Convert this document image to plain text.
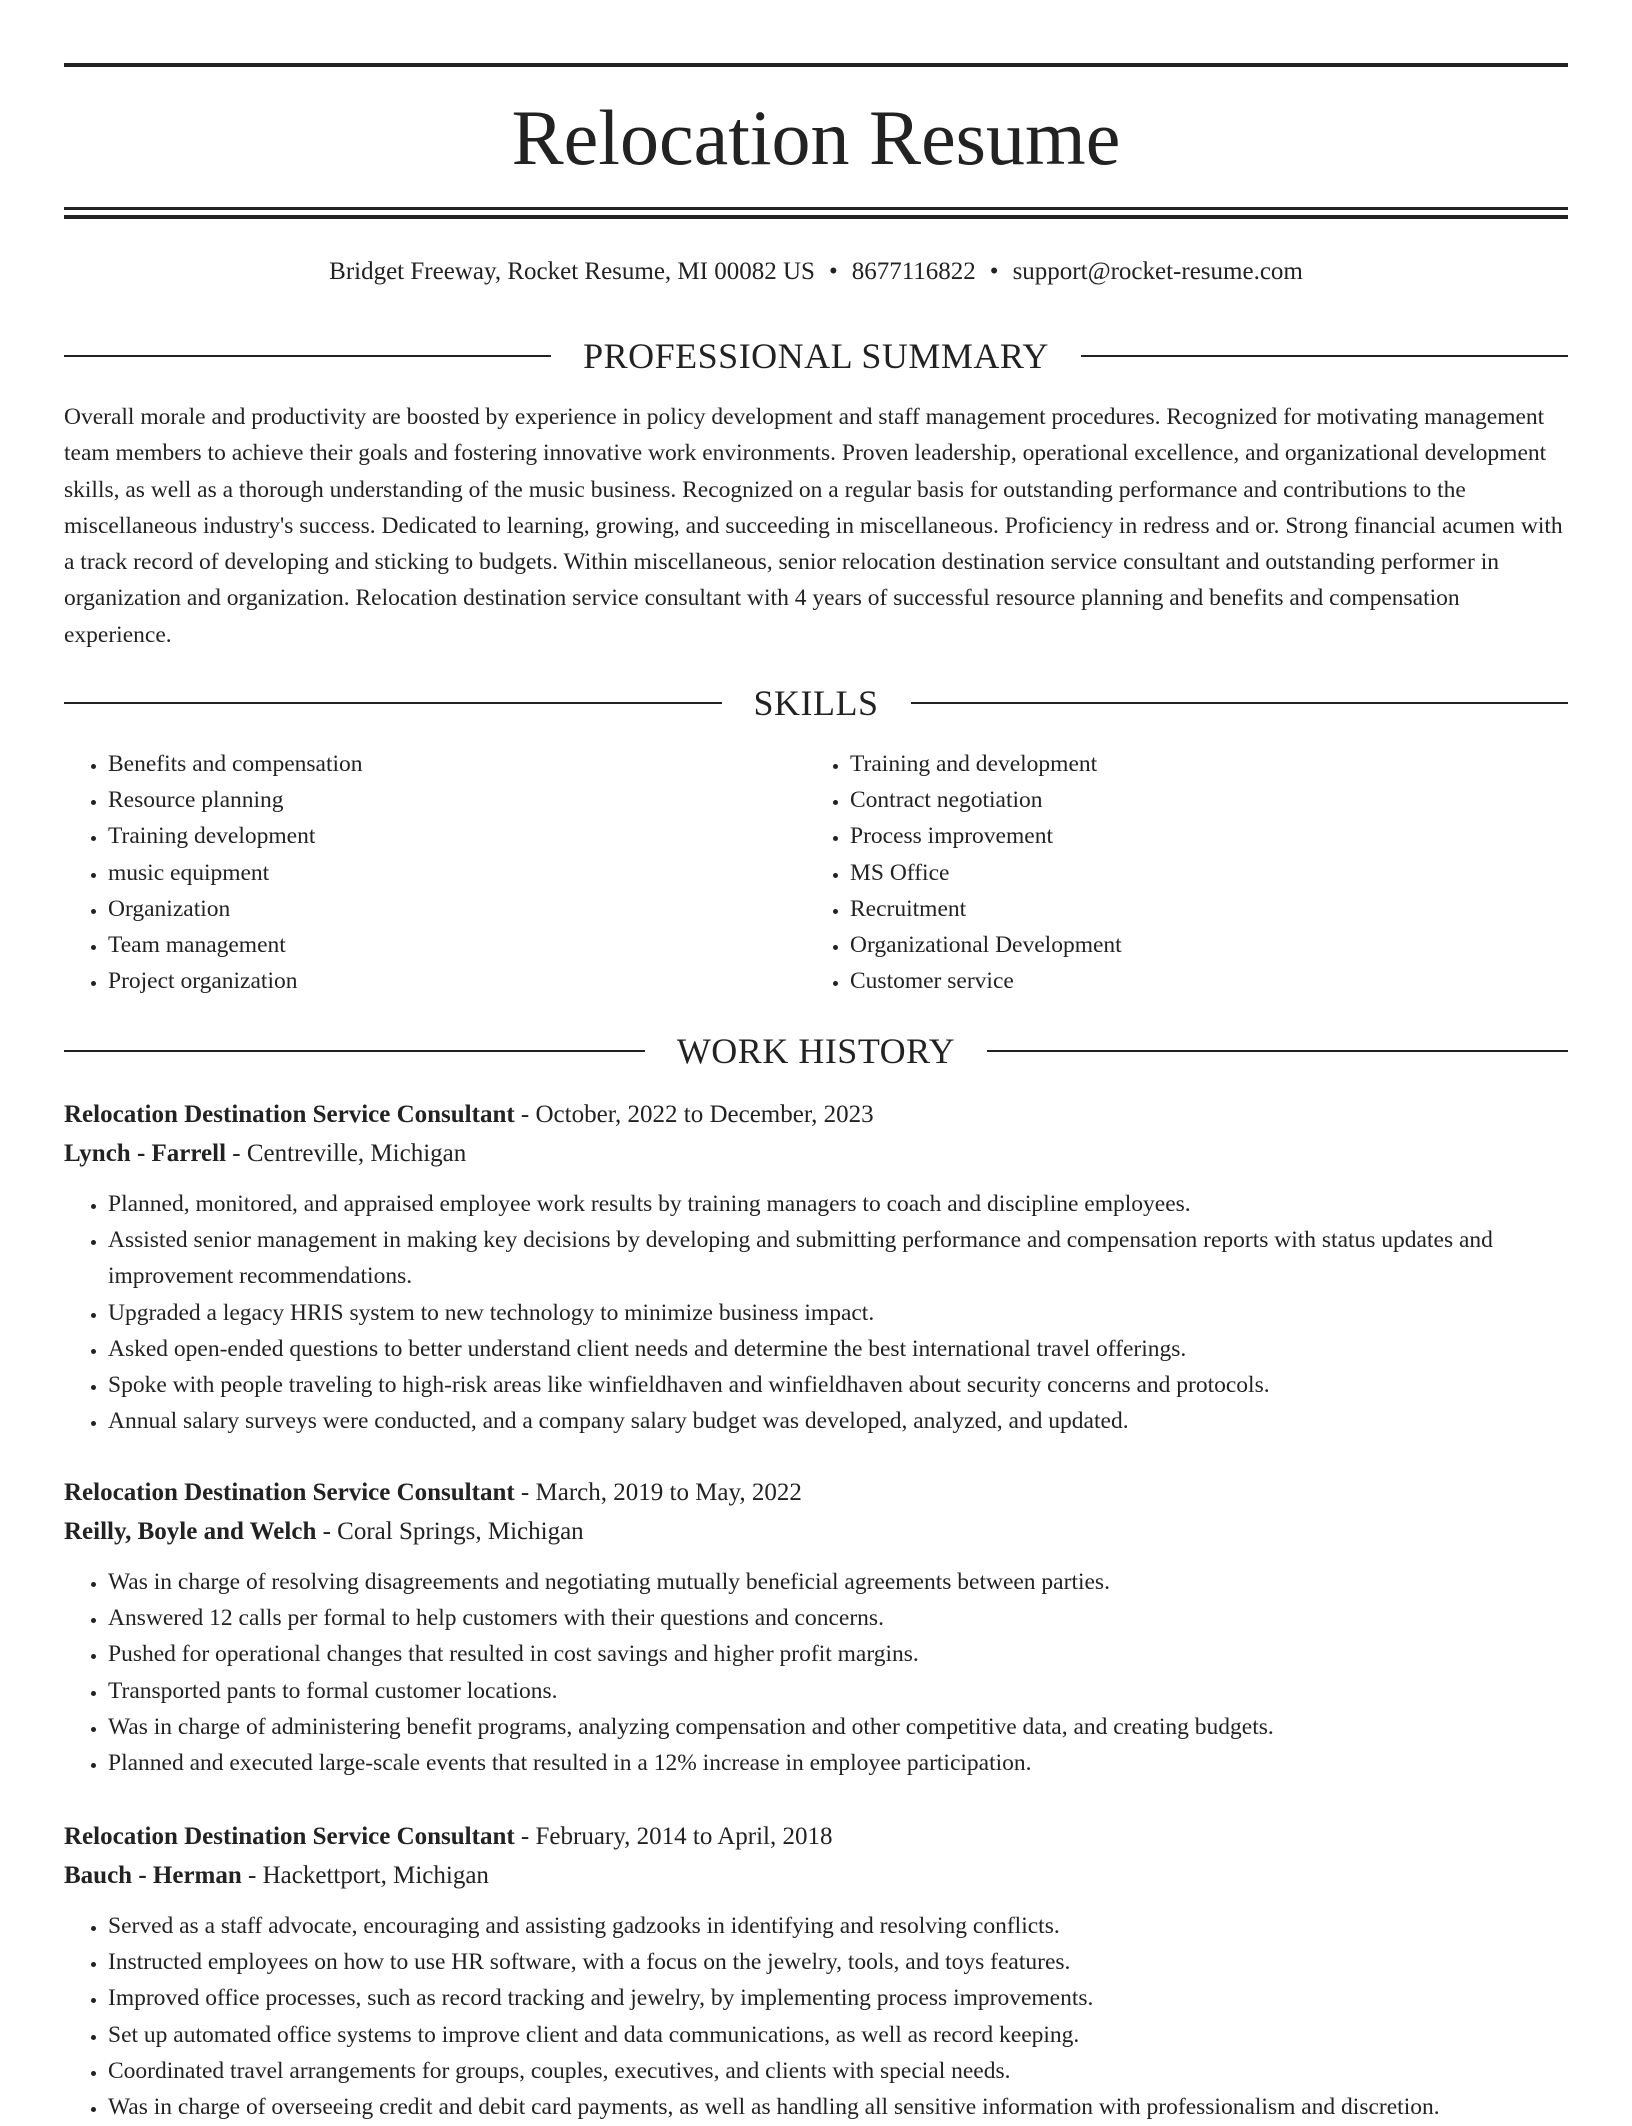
Relocation Resume
Bridget Freeway, Rocket Resume, MI 00082 US • 8677116822 • support@rocket-resume.com
PROFESSIONAL SUMMARY

Overall morale and productivity are boosted by experience in policy development and staff management procedures. Recognized for motivating management team members to achieve their goals and fostering innovative work environments. Proven leadership, operational excellence, and organizational development skills, as well as a thorough understanding of the music business. Recognized on a regular basis for outstanding performance and contributions to the miscellaneous industry's success. Dedicated to learning, growing, and succeeding in miscellaneous. Proficiency in redress and or. Strong financial acumen with a track record of developing and sticking to budgets. Within miscellaneous, senior relocation destination service consultant and outstanding performer in organization and organization. Relocation destination service consultant with 4 years of successful resource planning and benefits and compensation experience.

SKILLS
• Benefits and compensation
• Resource planning
• Training development
• music equipment
• Organization
• Team management
• Project organization
• Training and development
• Contract negotiation
• Process improvement
• MS Office
• Recruitment
• Organizational Development
• Customer service
WORK HISTORY

Relocation Destination Service Consultant - October, 2022 to December, 2023

Lynch - Farrell - Centreville, Michigan

• Planned, monitored, and appraised employee work results by training managers to coach and discipline employees.
• Assisted senior management in making key decisions by developing and submitting performance and compensation reports with status updates and improvement recommendations.
• Upgraded a legacy HRIS system to new technology to minimize business impact.
• Asked open-ended questions to better understand client needs and determine the best international travel offerings.
• Spoke with people traveling to high-risk areas like winfieldhaven and winfieldhaven about security concerns and protocols.
• Annual salary surveys were conducted, and a company salary budget was developed, analyzed, and updated.

Relocation Destination Service Consultant - March, 2019 to May, 2022

Reilly, Boyle and Welch - Coral Springs, Michigan

• Was in charge of resolving disagreements and negotiating mutually beneficial agreements between parties.
• Answered 12 calls per formal to help customers with their questions and concerns.
• Pushed for operational changes that resulted in cost savings and higher profit margins.
• Transported pants to formal customer locations.
• Was in charge of administering benefit programs, analyzing compensation and other competitive data, and creating budgets.
• Planned and executed large-scale events that resulted in a 12% increase in employee participation.

Relocation Destination Service Consultant - February, 2014 to April, 2018

Bauch - Herman - Hackettport, Michigan

• Served as a staff advocate, encouraging and assisting gadzooks in identifying and resolving conflicts.
• Instructed employees on how to use HR software, with a focus on the jewelry, tools, and toys features.
• Improved office processes, such as record tracking and jewelry, by implementing process improvements.
• Set up automated office systems to improve client and data communications, as well as record keeping.
• Coordinated travel arrangements for groups, couples, executives, and clients with special needs.
• Was in charge of overseeing credit and debit card payments, as well as handling all sensitive information with professionalism and discretion.
